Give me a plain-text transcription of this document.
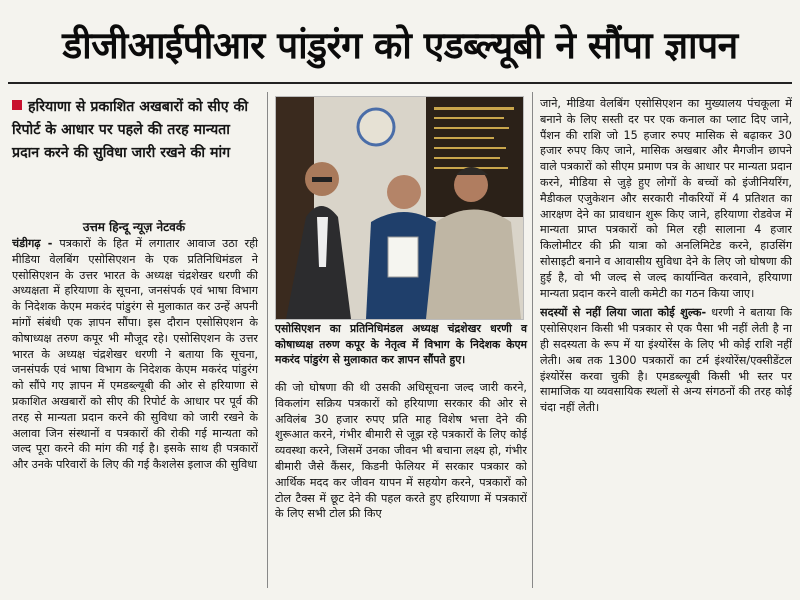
डीजीआईपीआर पांडुरंग को एडब्ल्यूबी ने सौंपा ज्ञापन
हरियाणा से प्रकाशित अखबारों को सीए की रिपोर्ट के आधार पर पहले की तरह मान्यता प्रदान करने की सुविधा जारी रखने की मांग
उत्तम हिन्दू न्यूज़ नेटवर्क

चंडीगढ़ - पत्रकारों के हित में लगातार आवाज उठा रही मीडिया वेलबिंग एसोसिएशन के एक प्रतिनिधिमंडल ने एसोसिएशन के उत्तर भारत के अध्यक्ष चंद्रशेखर धरणी की अध्यक्षता में हरियाणा के सूचना, जनसंपर्क एवं भाषा विभाग के निदेशक केएम मकरंद पांडुरंग से मुलाकात कर उन्हें अपनी मांगों संबंधी एक ज्ञापन सौंपा। इस दौरान एसोसिएशन के कोषाध्यक्ष तरुण कपूर भी मौजूद रहे। एसोसिएशन के उत्तर भारत के अध्यक्ष चंद्रशेखर धरणी ने बताया कि सूचना, जनसंपर्क एवं भाषा विभाग के निदेशक केएम मकरंद पांडुरंग को सौंपे गए ज्ञापन में एमडब्ल्यूबी की ओर से हरियाणा से प्रकाशित अखबारों को सीए की रिपोर्ट के आधार पर पूर्व की तरह से मान्यता प्रदान करने की सुविधा को जारी रखने के अलावा जिन संस्थानों व पत्रकारों की रोकी गई मान्यता को जल्द पूरा करने की मांग की गई है। इसके साथ ही पत्रकारों और उनके परिवारों के लिए की गई कैशलेस इलाज की सुविधा

एसोसिएशन का प्रतिनिधिमंडल अध्यक्ष चंद्रशेखर धरणी व कोषाध्यक्ष तरुण कपूर के नेतृत्व में विभाग के निदेशक केएम मकरंद पांडुरंग से मुलाकात कर ज्ञापन सौंपते हुए।

की जो घोषणा की थी उसकी अधिसूचना जल्द जारी करने, विकलांग सक्रिय पत्रकारों को हरियाणा सरकार की ओर से अविलंब 30 हजार रुपए प्रति माह विशेष भत्ता देने की शुरूआत करने, गंभीर बीमारी से जूझ रहे पत्रकारों के लिए कोई व्यवस्था करने, जिसमें उनका जीवन भी बचाना लक्ष्य हो, गंभीर बीमारी जैसे कैंसर, किडनी फेलियर में सरकार पत्रकार को आर्थिक मदद कर जीवन यापन में सहयोग करने, पत्रकारों को टोल टैक्स में छूट देने की पहल करते हुए हरियाणा में पत्रकारों के लिए सभी टोल फ्री किए

जाने, मीडिया वेलबिंग एसोसिएशन का मुख्यालय पंचकूला में बनाने के लिए सस्ती दर पर एक कनाल का प्लाट दिए जाने, पैंशन की राशि जो 15 हजार रुपए मासिक से बढ़ाकर 30 हजार रुपए किए जाने, मासिक अखबार और मैगजीन छापने वाले पत्रकारों को सीएम प्रमाण पत्र के आधार पर मान्यता प्रदान करने, मीडिया से जुड़े हुए लोगों के बच्चों को इंजीनियरिंग, मैडीकल एजुकेशन और सरकारी नौकरियों में 4 प्रतिशत का आरक्षण देने का प्रावधान शुरू किए जाने, हरियाणा रोडवेज में मान्यता प्राप्त पत्रकारों को मिल रही सालाना 4 हजार किलोमीटर की फ्री यात्रा को अनलिमिटेड करने, हाउसिंग सोसाइटी बनाने व आवासीय सुविधा देने के लिए जो घोषणा की हुई है, वो भी जल्द से जल्द कार्यान्वित करवाने, हरियाणा मान्यता प्रदान करने वाली कमेटी का गठन किया जाए।

सदस्यों से नहीं लिया जाता कोई शुल्क- धरणी ने बताया कि एसोसिएशन किसी भी पत्रकार से एक पैसा भी नहीं लेती है ना ही सदस्यता के रूप में या इंश्योरेंस के लिए भी कोई राशि नहीं लेती। अब तक 1300 पत्रकारों का टर्म इंश्योरेंस/एक्सीडेंटल इंश्योरेंस करवा चुकी है। एमडब्ल्यूबी किसी भी स्तर पर सामाजिक या व्यवसायिक स्थलों से अन्य संगठनों की तरह कोई चंदा नहीं लेती।
